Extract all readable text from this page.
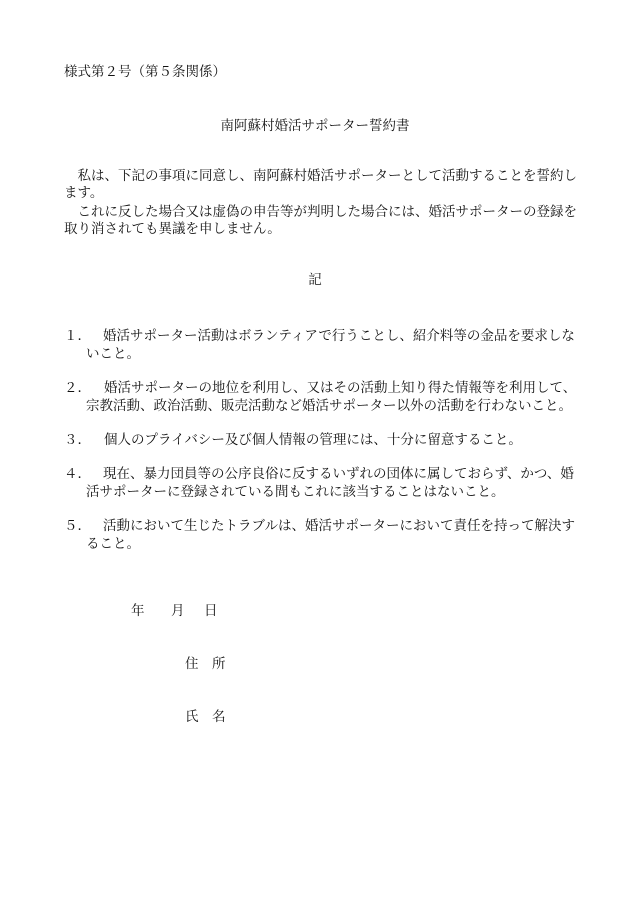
様式第２号（第５条関係）
南阿蘇村婚活サポーター誓約書
　私は、下記の事項に同意し、南阿蘇村婚活サポーターとして活動することを誓約し
ます。
　これに反した場合又は虚偽の申告等が判明した場合には、婚活サポーターの登録を
取り消されても異議を申しません。
記
１． 婚活サポーター活動はボランティアで行うことし、紹介料等の金品を要求しな
いこと。
２． 婚活サポーターの地位を利用し、又はその活動上知り得た情報等を利用して、
宗教活動、政治活動、販売活動など婚活サポーター以外の活動を行わないこと。
３． 個人のプライバシー及び個人情報の管理には、十分に留意すること。
４． 現在、暴力団員等の公序良俗に反するいずれの団体に属しておらず、かつ、婚
活サポーターに登録されている間もこれに該当することはないこと。
５． 活動において生じたトラブルは、婚活サポーターにおいて責任を持って解決す
ること。
年 月 日
住　所
氏　名
